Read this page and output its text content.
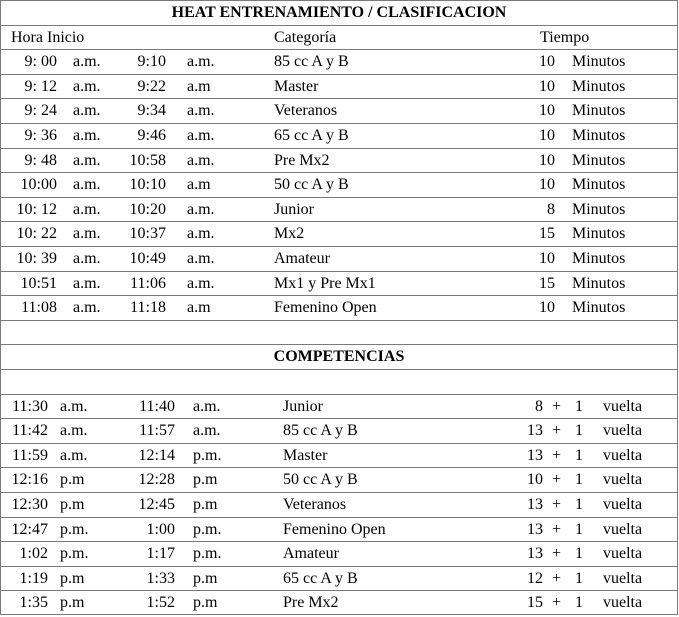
HEAT ENTRENAMIENTO / CLASIFICACION
Hora Inicio	Categoría	Tiempo
9: 00 a.m.	9:10 a.m.	85 cc A y B	10 Minutos
9: 12 a.m.	9:22 a.m	Master	10 Minutos
9: 24 a.m.	9:34 a.m.	Veteranos	10 Minutos
9: 36 a.m.	9:46 a.m.	65 cc A y B	10 Minutos
9: 48 a.m.	10:58 a.m.	Pre Mx2	10 Minutos
10:00 a.m.	10:10 a.m	50 cc A y B	10 Minutos
10: 12 a.m.	10:20 a.m.	Junior	8 Minutos
10: 22 a.m.	10:37 a.m.	Mx2	15 Minutos
10: 39 a.m.	10:49 a.m.	Amateur	10 Minutos
10:51 a.m.	11:06 a.m.	Mx1 y Pre Mx1	15 Minutos
11:08 a.m.	11:18 a.m	Femenino Open	10 Minutos
COMPETENCIAS
11:30 a.m.	11:40 a.m.	Junior	8 + 1 vuelta
11:42 a.m.	11:57 a.m.	85 cc A y B	13 + 1 vuelta
11:59 a.m.	12:14 p.m.	Master	13 + 1 vuelta
12:16 p.m	12:28 p.m	50 cc A y B	10 + 1 vuelta
12:30 p.m	12:45 p.m	Veteranos	13 + 1 vuelta
12:47 p.m.	1:00 p.m.	Femenino Open	13 + 1 vuelta
1:02 p.m.	1:17 p.m.	Amateur	13 + 1 vuelta
1:19 p.m	1:33 p.m	65 cc A y B	12 + 1 vuelta
1:35 p.m	1:52 p.m	Pre Mx2	15 + 1 vuelta
